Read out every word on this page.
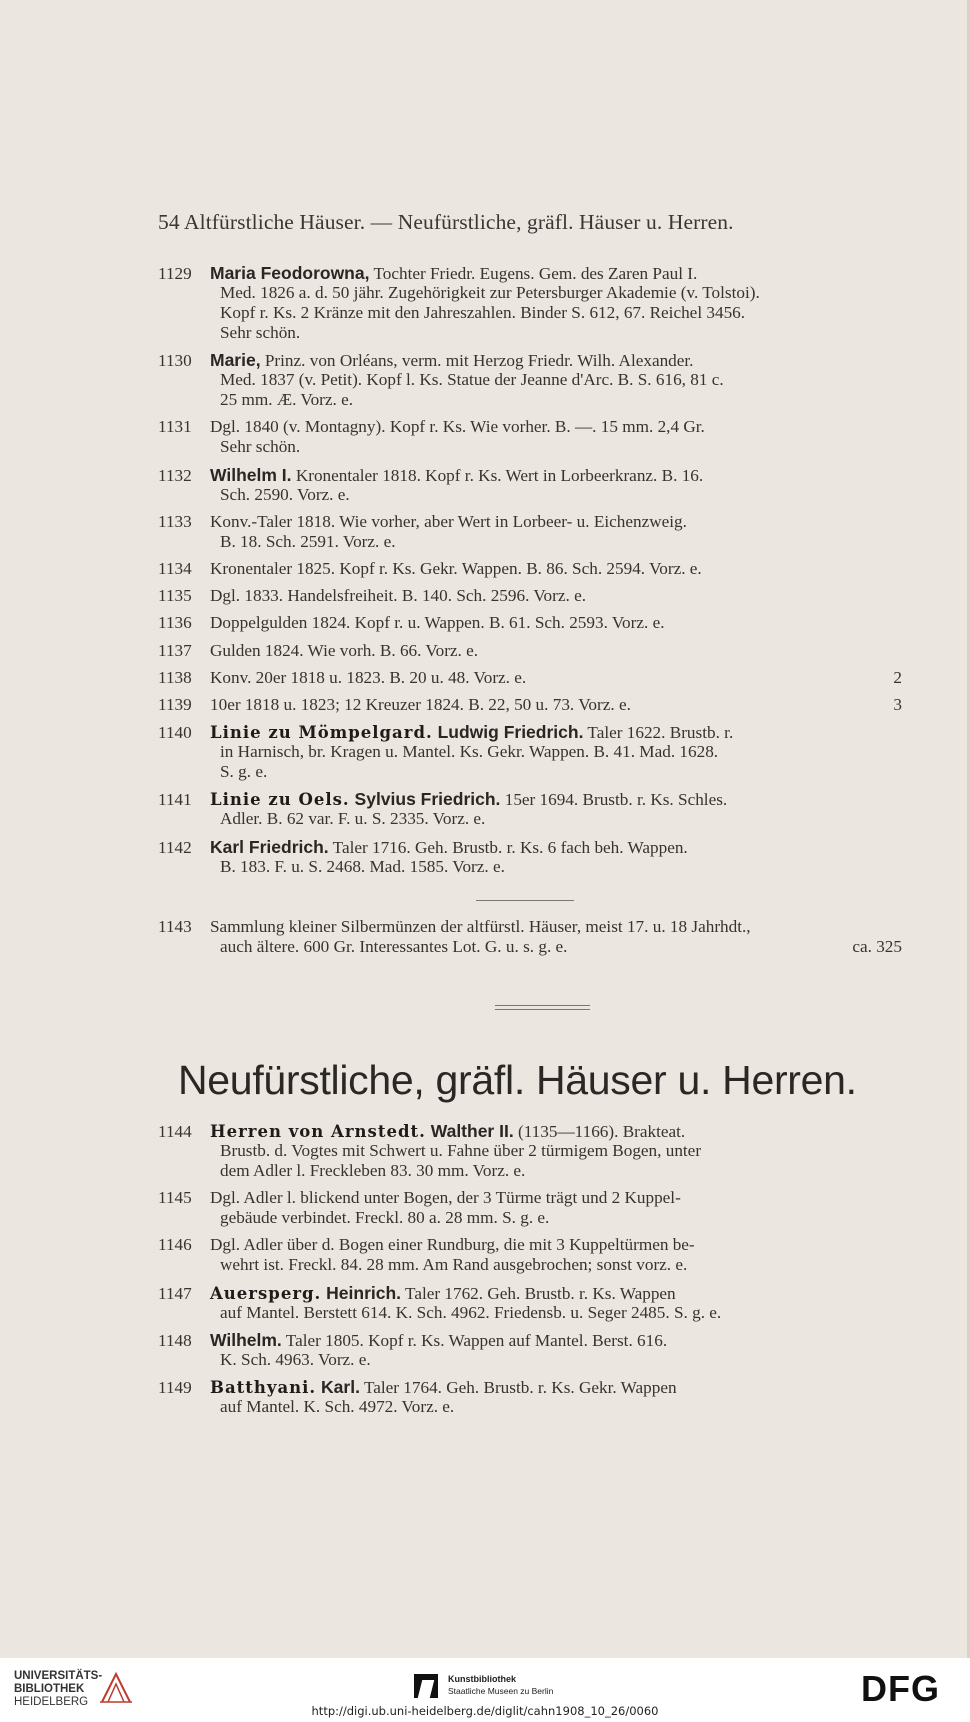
54 Altfürstliche Häuser. — Neufürstliche, gräfl. Häuser u. Herren.
1129 Maria Feodorowna, Tochter Friedr. Eugens. Gem. des Zaren Paul I.
Med. 1826 a. d. 50 jähr. Zugehörigkeit zur Petersburger Akademie (v. Tolstoi).
Kopf r. Ks. 2 Kränze mit den Jahreszahlen. Binder S. 612, 67. Reichel 3456.
Sehr schön.
1130 Marie, Prinz. von Orléans, verm. mit Herzog Friedr. Wilh. Alexander.
Med. 1837 (v. Petit). Kopf l. Ks. Statue der Jeanne d'Arc. B. S. 616, 81 c.
25 mm. Æ. Vorz. e.
1131 Dgl. 1840 (v. Montagny). Kopf r. Ks. Wie vorher. B. —. 15 mm. 2,4 Gr.
Sehr schön.
1132 Wilhelm I. Kronentaler 1818. Kopf r. Ks. Wert in Lorbeerkranz. B. 16.
Sch. 2590. Vorz. e.
1133 Konv.-Taler 1818. Wie vorher, aber Wert in Lorbeer- u. Eichenzweig.
B. 18. Sch. 2591. Vorz. e.
1134 Kronentaler 1825. Kopf r. Ks. Gekr. Wappen. B. 86. Sch. 2594. Vorz. e.
1135 Dgl. 1833. Handelsfreiheit. B. 140. Sch. 2596. Vorz. e.
1136 Doppelgulden 1824. Kopf r. u. Wappen. B. 61. Sch. 2593. Vorz. e.
1137 Gulden 1824. Wie vorh. B. 66. Vorz. e.
1138 Konv. 20er 1818 u. 1823. B. 20 u. 48. Vorz. e.	2
1139 10er 1818 u. 1823; 12 Kreuzer 1824. B. 22, 50 u. 73. Vorz. e.	3
1140 Linie zu Mömpelgard. Ludwig Friedrich. Taler 1622. Brustb. r.
in Harnisch, br. Kragen u. Mantel. Ks. Gekr. Wappen. B. 41. Mad. 1628.
S. g. e.
1141 Linie zu Oels. Sylvius Friedrich. 15er 1694. Brustb. r. Ks. Schles.
Adler. B. 62 var. F. u. S. 2335. Vorz. e.
1142 Karl Friedrich. Taler 1716. Geh. Brustb. r. Ks. 6 fach beh. Wappen.
B. 183. F. u. S. 2468. Mad. 1585. Vorz. e.
1143 Sammlung kleiner Silbermünzen der altfürstl. Häuser, meist 17. u. 18 Jahrhdt.,
auch ältere. 600 Gr. Interessantes Lot. G. u. s. g. e.	ca. 325
Neufürstliche, gräfl. Häuser u. Herren.
1144 Herren von Arnstedt. Walther II. (1135—1166). Brakteat.
Brustb. d. Vogtes mit Schwert u. Fahne über 2 türmigem Bogen, unter
dem Adler l. Freckleben 83. 30 mm. Vorz. e.
1145 Dgl. Adler l. blickend unter Bogen, der 3 Türme trägt und 2 Kuppel-
gebäude verbindet. Freckl. 80 a. 28 mm. S. g. e.
1146 Dgl. Adler über d. Bogen einer Rundburg, die mit 3 Kuppeltürmen be-
wehrt ist. Freckl. 84. 28 mm. Am Rand ausgebrochen; sonst vorz. e.
1147 Auersperg. Heinrich. Taler 1762. Geh. Brustb. r. Ks. Wappen
auf Mantel. Berstett 614. K. Sch. 4962. Friedensb. u. Seger 2485. S. g. e.
1148 Wilhelm. Taler 1805. Kopf r. Ks. Wappen auf Mantel. Berst. 616.
K. Sch. 4963. Vorz. e.
1149 Batthyani. Karl. Taler 1764. Geh. Brustb. r. Ks. Gekr. Wappen
auf Mantel. K. Sch. 4972. Vorz. e.
UNIVERSITÄTS-
BIBLIOTHEK
HEIDELBERG
Kunstbibliothek
Staatliche Museen zu Berlin	DFG
http://digi.ub.uni-heidelberg.de/diglit/cahn1908_10_26/0060
